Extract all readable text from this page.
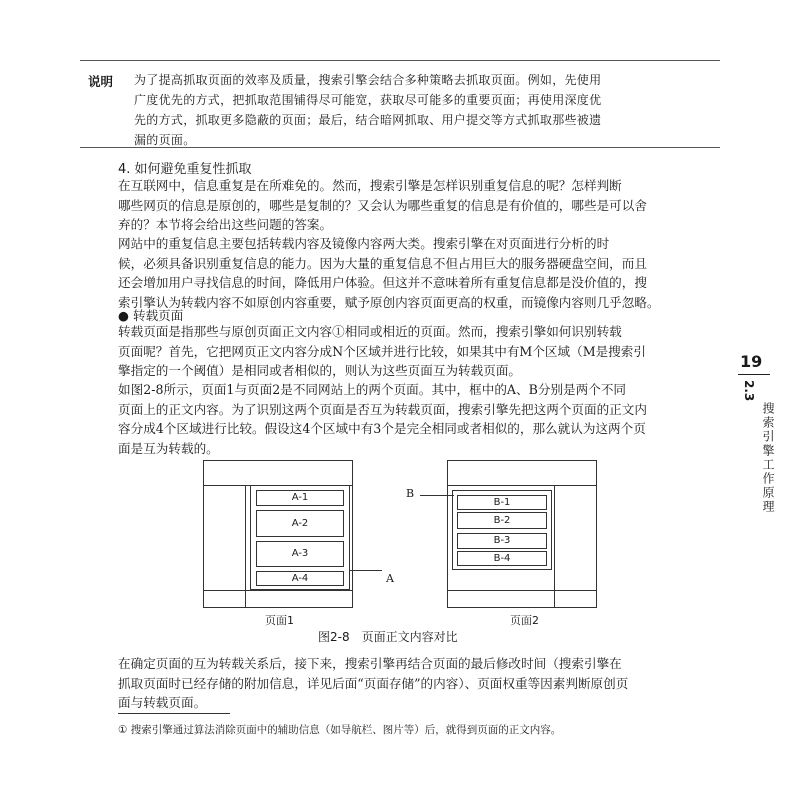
说明 为了提高抓取页面的效率及质量，搜索引擎会结合多种策略去抓取页面。例如，先使用
广度优先的方式，把抓取范围铺得尽可能宽，获取尽可能多的重要页面；再使用深度优
先的方式，抓取更多隐蔽的页面；最后，结合暗网抓取、用户提交等方式抓取那些被遗
漏的页面。
4. 如何避免重复性抓取

在互联网中，信息重复是在所难免的。然而，搜索引擎是怎样识别重复信息的呢？怎样判断

哪些网页的信息是原创的，哪些是复制的？又会认为哪些重复的信息是有价值的，哪些是可以舍

弃的？本节将会给出这些问题的答案。

网站中的重复信息主要包括转载内容及镜像内容两大类。搜索引擎在对页面进行分析的时

候，必须具备识别重复信息的能力。因为大量的重复信息不但占用巨大的服务器硬盘空间，而且

还会增加用户寻找信息的时间，降低用户体验。但这并不意味着所有重复信息都是没价值的，搜

索引擎认为转载内容不如原创内容重要，赋予原创内容页面更高的权重，而镜像内容则几乎忽略。

● 转载页面

转载页面是指那些与原创页面正文内容①相同或相近的页面。然而，搜索引擎如何识别转载

页面呢？首先，它把网页正文内容分成N个区域并进行比较，如果其中有M个区域（M是搜索引

擎指定的一个阈值）是相同或者相似的，则认为这些页面互为转载页面。

如图2-8所示，页面1与页面2是不同网站上的两个页面。其中，框中的A、B分别是两个不同

页面上的正文内容。为了识别这两个页面是否互为转载页面，搜索引擎先把这两个页面的正文内

容分成4个区域进行比较。假设这4个区域中有3个是完全相同或者相似的，那么就认为这两个页

面是互为转载的。

19
2.3
搜索引擎工作原理
A-1
A-2
A-3
A-4	A
页面1
B-1
B-2
B-3
B-4
B
页面2
图2-8　页面正文内容对比

在确定页面的互为转载关系后，接下来，搜索引擎再结合页面的最后修改时间（搜索引擎在

抓取页面时已经存储的附加信息，详见后面“页面存储”的内容）、页面权重等因素判断原创页

面与转载页面。

① 搜索引擎通过算法消除页面中的辅助信息（如导航栏、图片等）后，就得到页面的正文内容。
